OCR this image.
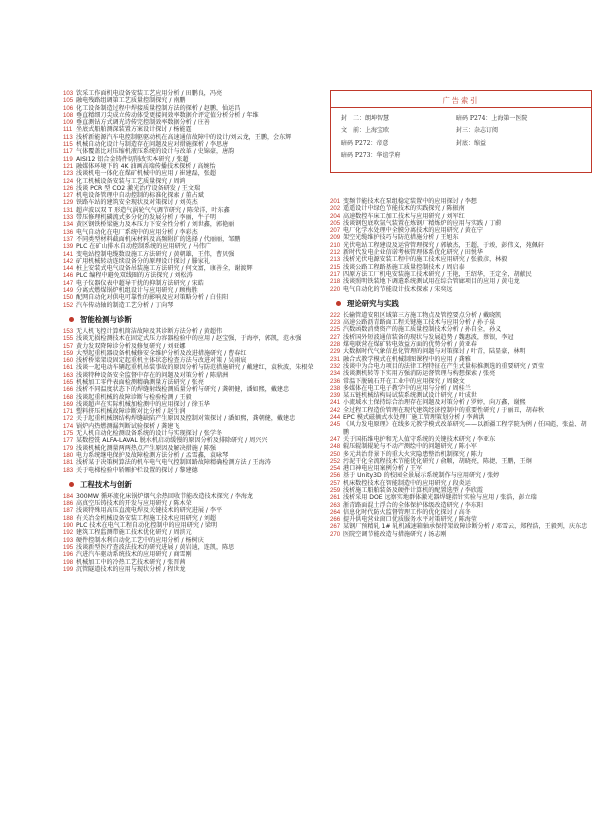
103 饮采工作面机电设备安装工艺应用分析 / 田鹏良，冯亮
105 融电残路组调第工艺质量控制探究 / 南鹏
106 化工设备制造过程中焊接质量控制方法的探析 / 赵鹏，仙运昌
108 垂直精细刀尖成立传动体受更接间效率数据介评定值分析分析 / 年维
109 垂直测钻方式调光诗传完控制效率数据分析 / 庄善
111 坐底式船舶测深装置方案设计探讨 / 杨能霆
113 浅析新能源汽车电控制驱驱动机在高速通信故障中的设计/刘云龙，王鹏，会东辉
115 机械自动化设计与制造存在问题及应对措施探析 / 李思唐
117 气体覆盖比对压缩机液压系统的设计与改革 / 史锦豪，唐韵
119 AISI12 铝合金铸件切削改实本研究 / 张超
121 融媒体环境下的 4K 油画高端传播技术探析 / 高婉怡
123 浅谈机电一体化在煤矿机械中的应用 / 崔建磊，张超
124 化工机械设备安装与工艺质量探究 / 周鸿
126 浅谈 PCR 型 CO2 激光治疗设备研发 / 王文瑞
127 机电设备管理中自动控制的标准化探索 / 董占斌
129 铁路车站的建筑安全现状及对策探讨 / 刘英杰
131 超声波以双 T 形造气涡轮气气调节研究 / 陈荣洋，叶东鑫
133 带压修理机磷流式多分化的发展分析 / 李丽，牛子明
134 黄区钢铁桥梁施力及本压力下安全性分析 / 刘世鑫，郭艳丽
136 电气自动化在电厂系统中的应用分析 / 李彩杰
137 不同类型材料截面机床材料及高频附扩的选择 / 代丽丽，邹鹏
139 PLC 在矿山排水自动控制系统的应用研究 / 马伟广
141 变电站控制电缆数设施工方法研究 / 黄朝雄，王伟，曹贝强
142 矿用机械转动连续设备分的原理设计探讨 / 滕家礼
144 桩上安装式电气设备吊装施工方法研究 / 何文富，康善全，谢渡辉
146 PLC 编程中避免双线圈的方法探究 / 刘松涛
147 电子仪器仪表中超导干扰的抑制方法研究 / 宋皓
149 分离式燃煤锅炉机组设计与应用研究 / 顾梅胜
150 配网自动化对供电可靠性的影响及应对策略分析 / 白佳阳
152 汽车传动轴的制造工艺分析 / 丁向琴
智能检测与诊断
153 无人机飞控计算机简洁故障及其诊断方法分析 / 黄超伟
155 浅谈无损检测技术在固定式压力容器检验中的应用 / 赵宝强，于海亭，郭凯，范永强
157 黄力发双降障诊分析及修复研究 / 刘亚娜
159 大型起重机器设备机械修安全维护分析及改进措施研究 / 曹春红
160 浅析桥梁架设固定起重机主体状态检查方法与改进对策 / 吴雨宸
161 浅谈一起电动车辆起重机吊装事故的原因分析与防范措施研究 / 戴建红，袁秋波，朱根荣
163 浅谈特种设备安全监督中存在的问题及对策分析 / 陈鼎洲
165 机械加工零件表面检测精确测量方法研究 / 张亮
166 浅析不同温度状态下的焊缝射线检测质量分析与研究 / 龚朝健，潘如熙，戴建忠
168 浅谈起重机械的故障诊断与检验检测 / 王毅
169 浅谈超声在实际机械加检测中的应用探讨 / 徐玉华
171 塑料挤压机械故障诊断对比分析 / 赵生润
172 关于起重机械钢结构焊缝缺陷产生原因及控制对策探讨 / 潘如熙，龚朝健，戴建忠
174 锅炉内热燃测漏判断试验探析 / 龚建飞
175 无人机自动化检测设备系统的设计与实现探讨 / 张学冬
177 某数控铣 ALFA-LAVAL 脱水机启动缓慢的原因分析及排除研究 / 周兴兴
179 浅谈机械化测量两两热点产生原因及解决措施 / 陈强
180 电力系统继电保护及故障检测方法分析 / 孟雪鑫，袁咏琴
181 浅析某于决策树算法的机车电气电气控制回路故障精确检测方法 / 王海涛
183 关于电梯检验中轿厢护栏设置的探讨 / 黎建德
工程技术与创新
184 300MW 循环流化床锅炉烟气余热回收节能改造技术探究 / 李海龙
186 高真空压铸技术的开发与应用研究 / 陈木荣
187 浅谈特殊用高压直流电焊及关键技术的研究进展 / 李平
188 有关冶金机械设备安装工程施工技术应用研究 / 刘超
190 PLC 技术在电气工程自动化控制中的应用研究 / 梁明
192 建筑工程监测带施工技术优化研究 / 周滨元
193 硬件控制水利自动化工艺中的应用分析 / 杨树庆
195 浅谈新型医疗查波法技术的研究进展 / 黄岩迪，连凯，陈思
196 汽进汽车驱动系统技术的应用研究 / 商雪刚
198 机械加工中的冷热工艺技术研究 / 张晋茜
199 沉管隧道技术的应用与现状分析 / 程世龙
广告索引
封　二：朗坤智慧	暗码 P274：上海第一医院
文　前：上海宝欧	封三：杂志订阅
暗码 P272：帝意	封底：缩益
暗码 P273：华谊学府
201 变频节能技术在泵组稳定装置中的应用探讨 / 李想
202 遥遥设计中绿色节能技术的实践探究 / 陈振南
204 高速数控车床工加工技术与应用研究 / 刘军红
205 浅谈钢包底吹氩气装置在炼钢厂精炼炉的应用与实践 / 丁蔚
207 电厂化学水处理中全膜分离技术的应用研究 / 黄在宁
209 架空光缆维护技巧与防范措施分析 / 王旭东
210 光伏电站工程建设及运营管理探究 / 郭敏杰，王超，于竣，彭伟义，苑佩轩
212 新时代发电企业信诺考核管理体系优化研究 / 田悦华
213 浅析光伏电源安装工程中的施工技术应用研究 / 张毅彦，林毅
215 浅谈公路工程路基施工质量控制技术 / 周启泰
217 四原方法工厂机电安装施工技术研究 / 王艳，王绍华，王定全，胡献民
218 浅谈照明铁装地下调遣系统测试用在综合管廊项目的应用 / 黄屯龙
220 电气自动化的节能设计技术探索 / 宋奕远
理论研究与实践
222 长输管道安阻区域第三方施工物点及管控要点分析 / 戴晓凯
223 高速公路沥青路面工程关键施工技术与应用分析 / 孙子泉
225 汽数函数消费资产的施工质量控制技术分析 / 孙自全，孙义
227 浅析国外短波通信装备的现状与发展趋势 / 魏惠波，蔡银，李冠
228 煤电联营在煤矿转电效益方面的优势分析 / 黄亚春
229 大数据时代气象信息化管理的问题与对策探讨 / 叶青，陆显豪，林明
231 融合式教学模式在机械制图课程中的应用 / 龚雅
232 浅谈中为合电力项目的法律工程特征在产生式量标推测选的重要研究 / 贾莹
234 浅谈测机转等下实用方强消防运督管理与构想探索 / 张亮
236 常温下脱硫石开在工业中的应用探究 / 周晓文
238 多媒体在电工电子教学中的应用与分析 / 周桂兰
239 某五链机械结构局试装系统测试设计研究 / 叶成世
241 小流域水土保持综合治理存在问题及对策分析 / 罗婷，向万鑫，谢熙
242 全过程工程造价管理在现代建筑经济控制中的重要性研究 / 于丽丑，胡春秋
244 EPC 模式磁摘式水处理厂施工管理策划分析 / 李茜洪
245 《风力发电原理》在线多元教学模式改革研究——以新疆工程学院为例 / 任国彪，张益、胡鹏
247 关于国拓维电护和无人值守系统的关键技术研究 / 李亚东
248 辊压辊制辊轮与不动产测绘中的问题研究 / 陈小军
250 多元共治背景下的重大火灾隐患整治机制探究 / 陈力
252 污泥干化全流程技术节能优化研究 / 俞顺，胡晓亮，陈捷，王鹏，王炯
254 港口神电应用案例分析 / 王军
256 基于 Unity3D 的校园全景展示系统制作与应用研究 / 张婷
257 机床数控技术在智能制造中的应用研究 / 段炎运
259 浅析施工船舶装备及硬件计算机的配置选型 / 李欣霞
261 浅析采用 DOE 远察实地群体激光器焊缝指针实验与应用 / 张浩，彭立瑞
263 浙青路面混土浮合的全体保护体级改造研究 / 李东阳
264 信息化时代防火监督管理工作的优化探讨 / 高冬
266 提升供电营业窗口优质服务水平对策研究 / 陈海莹
267 某钢厂预精轧 1# 轧机减速箱轴承保持架故障诊断分析 / 邓雪云，郑程浩，王毅列，庆东忠
270 医院空调节能改造与措施研究 / 汤志刚
